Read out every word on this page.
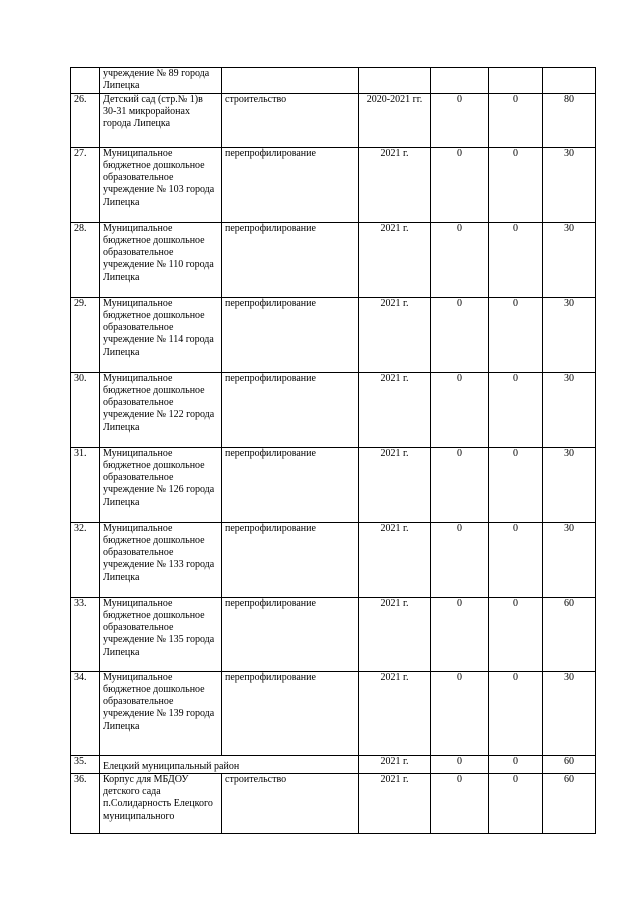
	учреждение № 89 города Липецка					
26.	Детский сад (стр.№ 1)в 30-31 микрорайонах города Липецка	строительство	2020-2021 гг.	0	0	80
27.	Муниципальное бюджетное дошкольное образовательное учреждение № 103 города Липецка	перепрофилирование	2021 г.	0	0	30
28.	Муниципальное бюджетное дошкольное образовательное учреждение № 110 города Липецка	перепрофилирование	2021 г.	0	0	30
29.	Муниципальное бюджетное дошкольное образовательное учреждение № 114 города Липецка	перепрофилирование	2021 г.	0	0	30
30.	Муниципальное бюджетное дошкольное образовательное учреждение № 122 города Липецка	перепрофилирование	2021 г.	0	0	30
31.	Муниципальное бюджетное дошкольное образовательное учреждение № 126 города Липецка	перепрофилирование	2021 г.	0	0	30
32.	Муниципальное бюджетное дошкольное образовательное учреждение № 133 города Липецка	перепрофилирование	2021 г.	0	0	30
33.	Муниципальное бюджетное дошкольное образовательное учреждение № 135 города Липецка	перепрофилирование	2021 г.	0	0	60
34.	Муниципальное бюджетное дошкольное образовательное учреждение № 139 города Липецка	перепрофилирование	2021 г.	0	0	30
35.	Елецкий муниципальный район		2021 г.	0	0	60
36.	Корпус для МБДОУ детского сада п.Солидарность Елецкого муниципального	строительство	2021 г.	0	0	60
